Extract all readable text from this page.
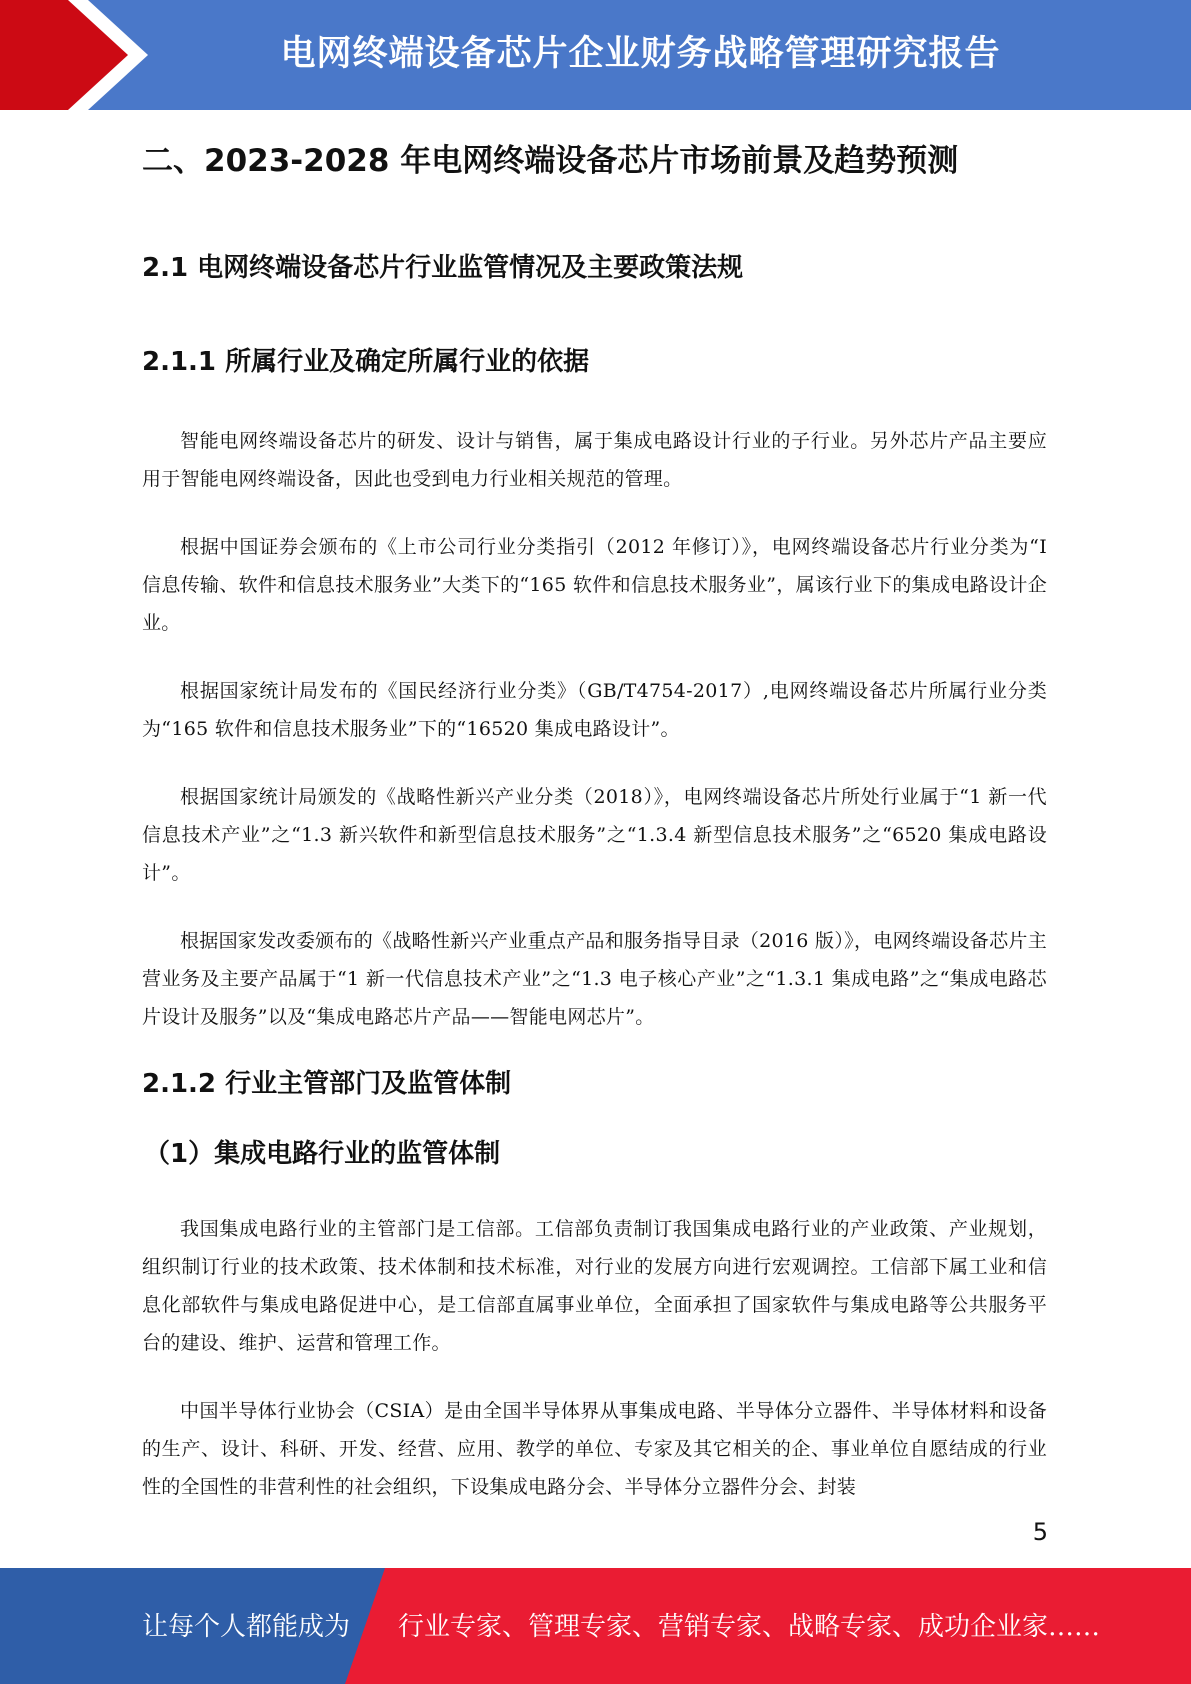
电网终端设备芯片企业财务战略管理研究报告
二、2023-2028 年电网终端设备芯片市场前景及趋势预测
2.1 电网终端设备芯片行业监管情况及主要政策法规
2.1.1 所属行业及确定所属行业的依据

智能电网终端设备芯片的研发、设计与销售，属于集成电路设计行业的子行业。另外芯片产品主要应用于智能电网终端设备，因此也受到电力行业相关规范的管理。

根据中国证券会颁布的《上市公司行业分类指引（2012 年修订）》，电网终端设备芯片行业分类为“I 信息传输、软件和信息技术服务业”大类下的“165 软件和信息技术服务业”，属该行业下的集成电路设计企业。

根据国家统计局发布的《国民经济行业分类》（GB/T4754-2017）,电网终端设备芯片所属行业分类为“165 软件和信息技术服务业”下的“16520 集成电路设计”。

根据国家统计局颁发的《战略性新兴产业分类（2018）》，电网终端设备芯片所处行业属于“1 新一代信息技术产业”之“1.3 新兴软件和新型信息技术服务”之“1.3.4 新型信息技术服务”之“6520 集成电路设计”。

根据国家发改委颁布的《战略性新兴产业重点产品和服务指导目录（2016 版）》，电网终端设备芯片主营业务及主要产品属于“1 新一代信息技术产业”之“1.3 电子核心产业”之“1.3.1 集成电路”之“集成电路芯片设计及服务”以及“集成电路芯片产品——智能电网芯片”。

2.1.2 行业主管部门及监管体制
（1）集成电路行业的监管体制

我国集成电路行业的主管部门是工信部。工信部负责制订我国集成电路行业的产业政策、产业规划，组织制订行业的技术政策、技术体制和技术标准，对行业的发展方向进行宏观调控。工信部下属工业和信息化部软件与集成电路促进中心，是工信部直属事业单位，全面承担了国家软件与集成电路等公共服务平台的建设、维护、运营和管理工作。

中国半导体行业协会（CSIA）是由全国半导体界从事集成电路、半导体分立器件、半导体材料和设备的生产、设计、科研、开发、经营、应用、教学的单位、专家及其它相关的企、事业单位自愿结成的行业性的全国性的非营利性的社会组织，下设集成电路分会、半导体分立器件分会、封装

5
让每个人都能成为 行业专家、管理专家、营销专家、战略专家、成功企业家……
